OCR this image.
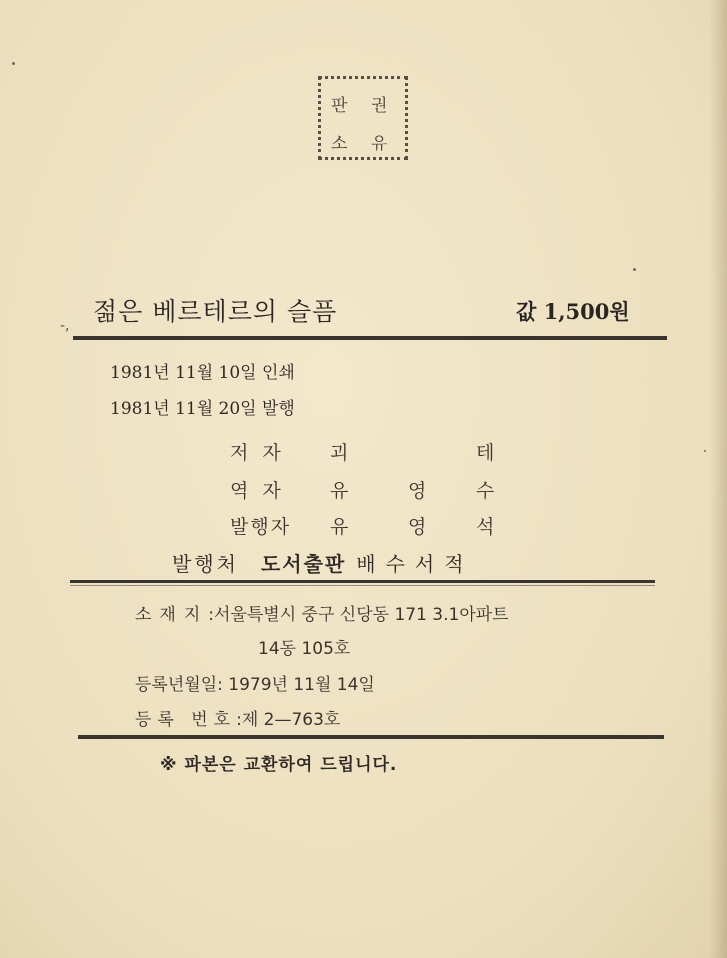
판 권
소 유
-, 젊은 베르테르의 슬픔	값 1,500원
1981년 11월 10일 인쇄
1981년 11월 20일 발행
저자 괴	테
역자 유	영	수
발행자 유	영	석
발행처 도서출판 배수서적
소재지:서울특별시 중구 신당동 171 3.1아파트
14동 105호
등록년월일: 1979년 11월 14일
등록 번호:제 2—763호
※ 파본은 교환하여 드립니다.
